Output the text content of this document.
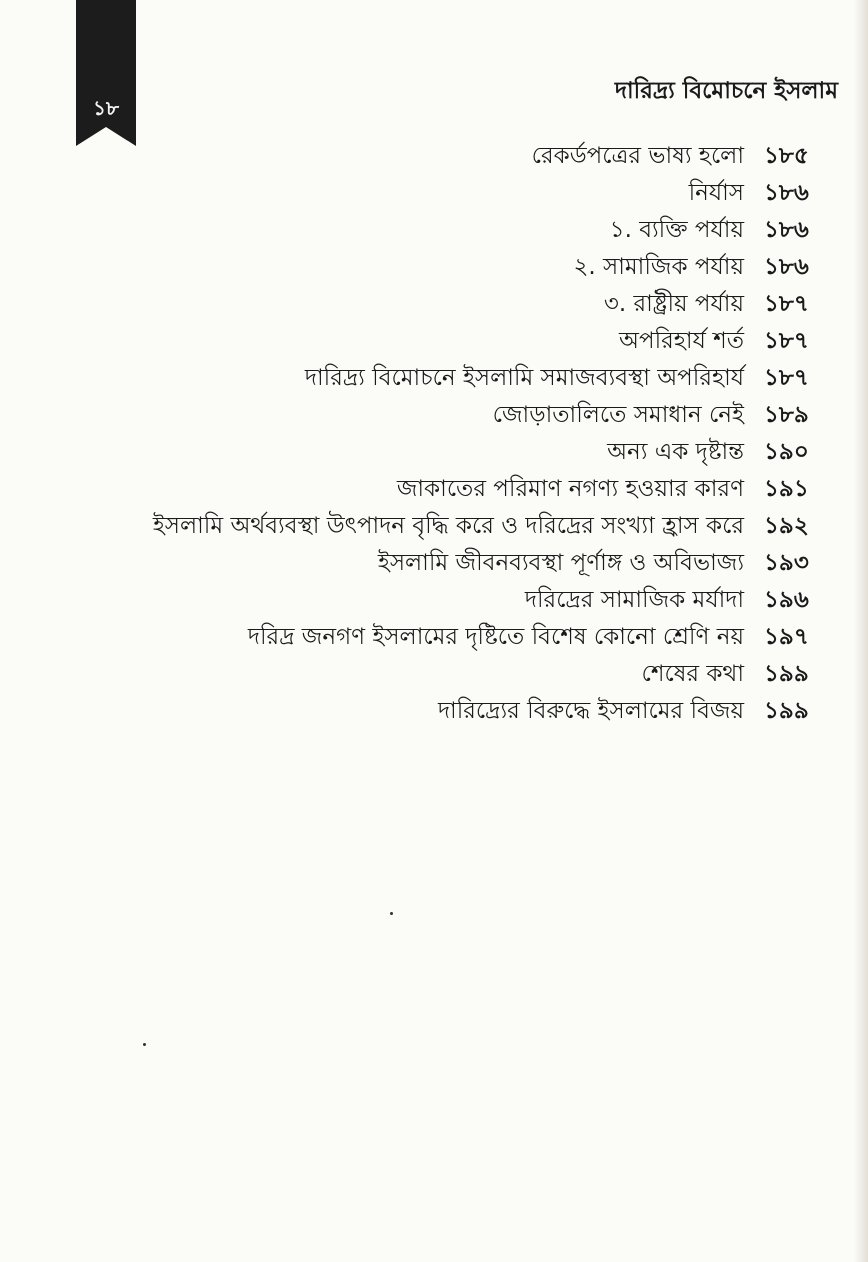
১৮
দারিদ্র্য বিমোচনে ইসলাম
রেকর্ডপত্রের ভাষ্য হলো ১৮৫
নির্যাস ১৮৬
১. ব্যক্তি পর্যায় ১৮৬
২. সামাজিক পর্যায় ১৮৬
৩. রাষ্ট্রীয় পর্যায় ১৮৭
অপরিহার্য শর্ত ১৮৭
দারিদ্র্য বিমোচনে ইসলামি সমাজব্যবস্থা অপরিহার্য ১৮৭
জোড়াতালিতে সমাধান নেই ১৮৯
অন্য এক দৃষ্টান্ত ১৯০
জাকাতের পরিমাণ নগণ্য হওয়ার কারণ ১৯১
ইসলামি অর্থব্যবস্থা উৎপাদন বৃদ্ধি করে ও দরিদ্রের সংখ্যা হ্রাস করে ১৯২
ইসলামি জীবনব্যবস্থা পূর্ণাঙ্গ ও অবিভাজ্য ১৯৩
দরিদ্রের সামাজিক মর্যাদা ১৯৬
দরিদ্র জনগণ ইসলামের দৃষ্টিতে বিশেষ কোনো শ্রেণি নয় ১৯৭
শেষের কথা ১৯৯
দারিদ্র্যের বিরুদ্ধে ইসলামের বিজয় ১৯৯
